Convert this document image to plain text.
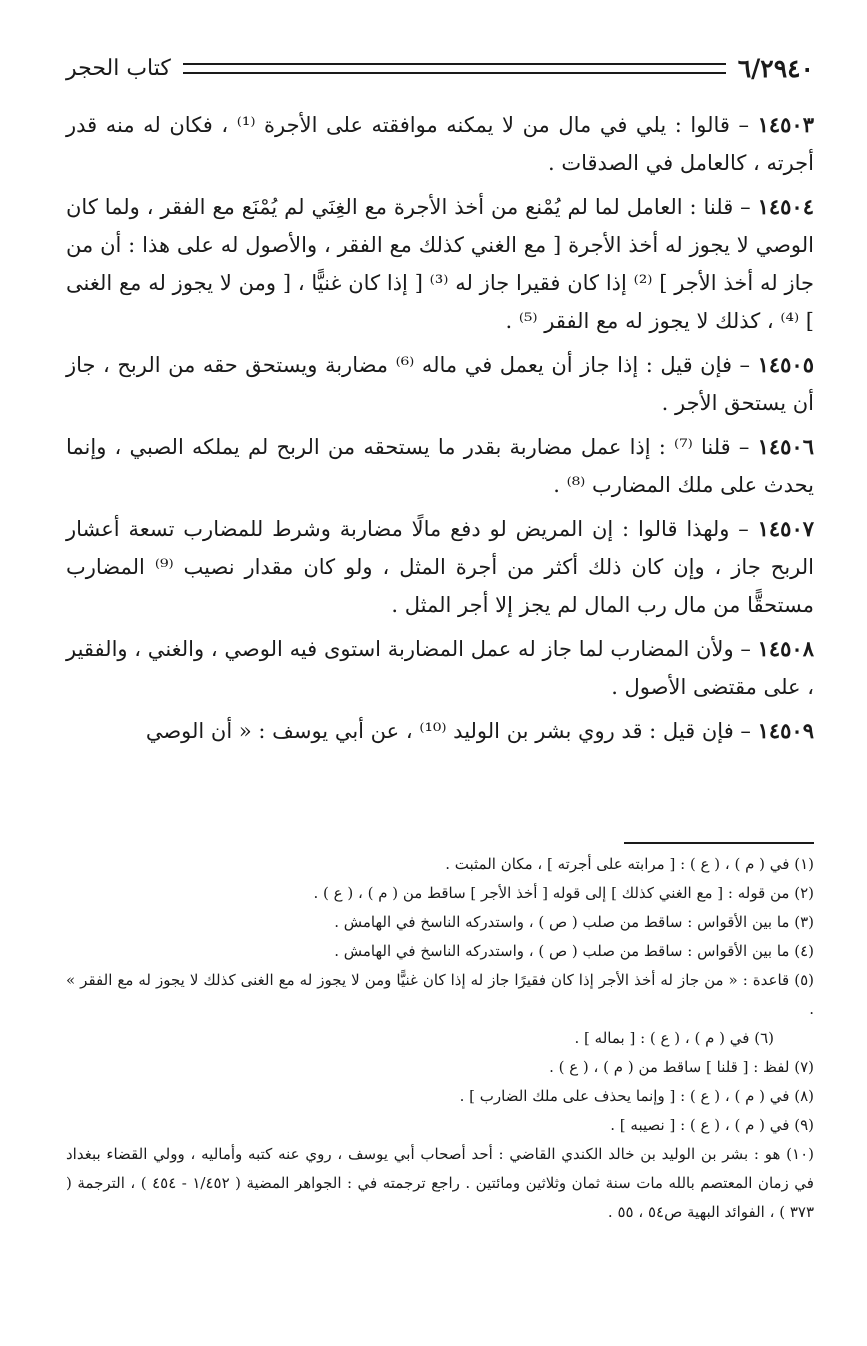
٦/٢٩٤٠
كتاب الحجر

١٤٥٠٣ – قالوا : يلي في مال من لا يمكنه موافقته على الأجرة ⁽¹⁾ ، فكان له منه قدر أجرته ، كالعامل في الصدقات .

١٤٥٠٤ – قلنا : العامل لما لم يُمْنع من أخذ الأجرة مع الغِنَي لم يُمْنَع مع الفقر ، ولما كان الوصي لا يجوز له أخذ الأجرة [ مع الغني كذلك مع الفقر ، والأصول له على هذا : أن من جاز له أخذ الأجر ] ⁽²⁾ إذا كان فقيرا جاز له ⁽³⁾ [ إذا كان غنيًّا ، [ ومن لا يجوز له مع الغنى ] ⁽⁴⁾ ، كذلك لا يجوز له مع الفقر ⁽⁵⁾ .

١٤٥٠٥ – فإن قيل : إذا جاز أن يعمل في ماله ⁽⁶⁾ مضاربة ويستحق حقه من الربح ، جاز أن يستحق الأجر .

١٤٥٠٦ – قلنا ⁽⁷⁾ : إذا عمل مضاربة بقدر ما يستحقه من الربح لم يملكه الصبي ، وإنما يحدث على ملك المضارب ⁽⁸⁾ .

١٤٥٠٧ – ولهذا قالوا : إن المريض لو دفع مالًا مضاربة وشرط للمضارب تسعة أعشار الربح جاز ، وإن كان ذلك أكثر من أجرة المثل ، ولو كان مقدار نصيب ⁽⁹⁾ المضارب مستحقًّا من مال رب المال لم يجز إلا أجر المثل .

١٤٥٠٨ – ولأن المضارب لما جاز له عمل المضاربة استوى فيه الوصي ، والغني ، والفقير ، على مقتضى الأصول .

١٤٥٠٩ – فإن قيل : قد روي بشر بن الوليد ⁽¹⁰⁾ ، عن أبي يوسف : « أن الوصي

(١) في ( م ) ، ( ع ) : [ مرابته على أجرته ] ، مكان المثبت .

(٢) من قوله : [ مع الغني كذلك ] إلى قوله [ أخذ الأجر ] ساقط من ( م ) ، ( ع ) .

(٣) ما بين الأقواس : ساقط من صلب ( ص ) ، واستدركه الناسخ في الهامش .

(٤) ما بين الأقواس : ساقط من صلب ( ص ) ، واستدركه الناسخ في الهامش .

(٥) قاعدة : « من جاز له أخذ الأجر إذا كان فقيرًا جاز له إذا كان غنيًّا ومن لا يجوز له مع الغنى كذلك لا يجوز له مع الفقر » .

(٦) في ( م ) ، ( ع ) : [ بماله ] .

(٧) لفظ : [ قلنا ] ساقط من ( م ) ، ( ع ) .

(٨) في ( م ) ، ( ع ) : [ وإنما يحذف على ملك الضارب ] .

(٩) في ( م ) ، ( ع ) : [ نصيبه ] .

(١٠) هو : بشر بن الوليد بن خالد الكندي القاضي : أحد أصحاب أبي يوسف ، روي عنه كتبه وأماليه ، وولي القضاء ببغداد في زمان المعتصم بالله مات سنة ثمان وثلاثين ومائتين . راجع ترجمته في : الجواهر المضية ( ١/٤٥٢ - ٤٥٤ ) ، الترجمة ( ٣٧٣ ) ، الفوائد البهية ص٥٤ ، ٥٥ .
